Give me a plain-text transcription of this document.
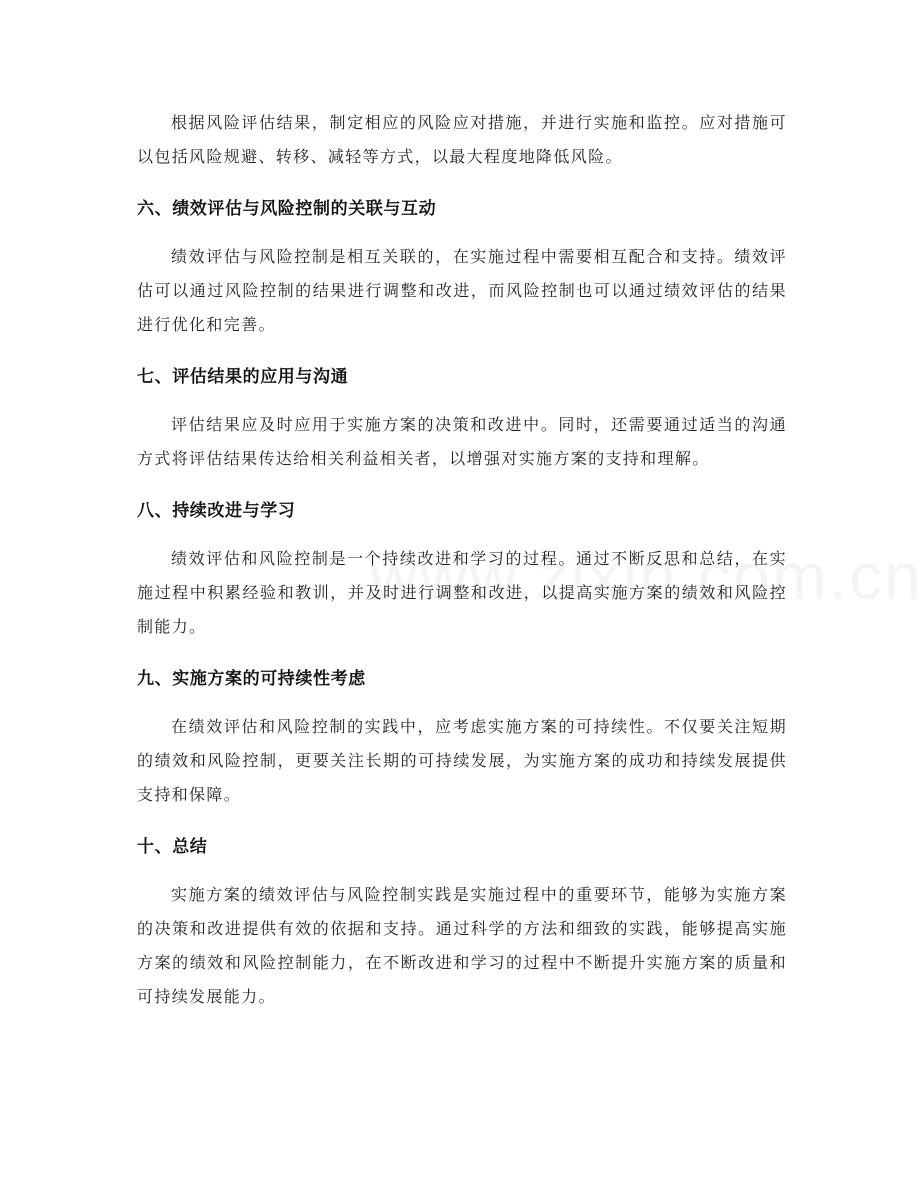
根据风险评估结果，制定相应的风险应对措施，并进行实施和监控。应对措施可以包括风险规避、转移、减轻等方式，以最大程度地降低风险。

六、绩效评估与风险控制的关联与互动

绩效评估与风险控制是相互关联的，在实施过程中需要相互配合和支持。绩效评估可以通过风险控制的结果进行调整和改进，而风险控制也可以通过绩效评估的结果进行优化和完善。

七、评估结果的应用与沟通

评估结果应及时应用于实施方案的决策和改进中。同时，还需要通过适当的沟通方式将评估结果传达给相关利益相关者，以增强对实施方案的支持和理解。

八、持续改进与学习

绩效评估和风险控制是一个持续改进和学习的过程。通过不断反思和总结，在实施过程中积累经验和教训，并及时进行调整和改进，以提高实施方案的绩效和风险控制能力。

九、实施方案的可持续性考虑

在绩效评估和风险控制的实践中，应考虑实施方案的可持续性。不仅要关注短期的绩效和风险控制，更要关注长期的可持续发展，为实施方案的成功和持续发展提供支持和保障。

十、总结

实施方案的绩效评估与风险控制实践是实施过程中的重要环节，能够为实施方案的决策和改进提供有效的依据和支持。通过科学的方法和细致的实践，能够提高实施方案的绩效和风险控制能力，在不断改进和学习的过程中不断提升实施方案的质量和可持续发展能力。
